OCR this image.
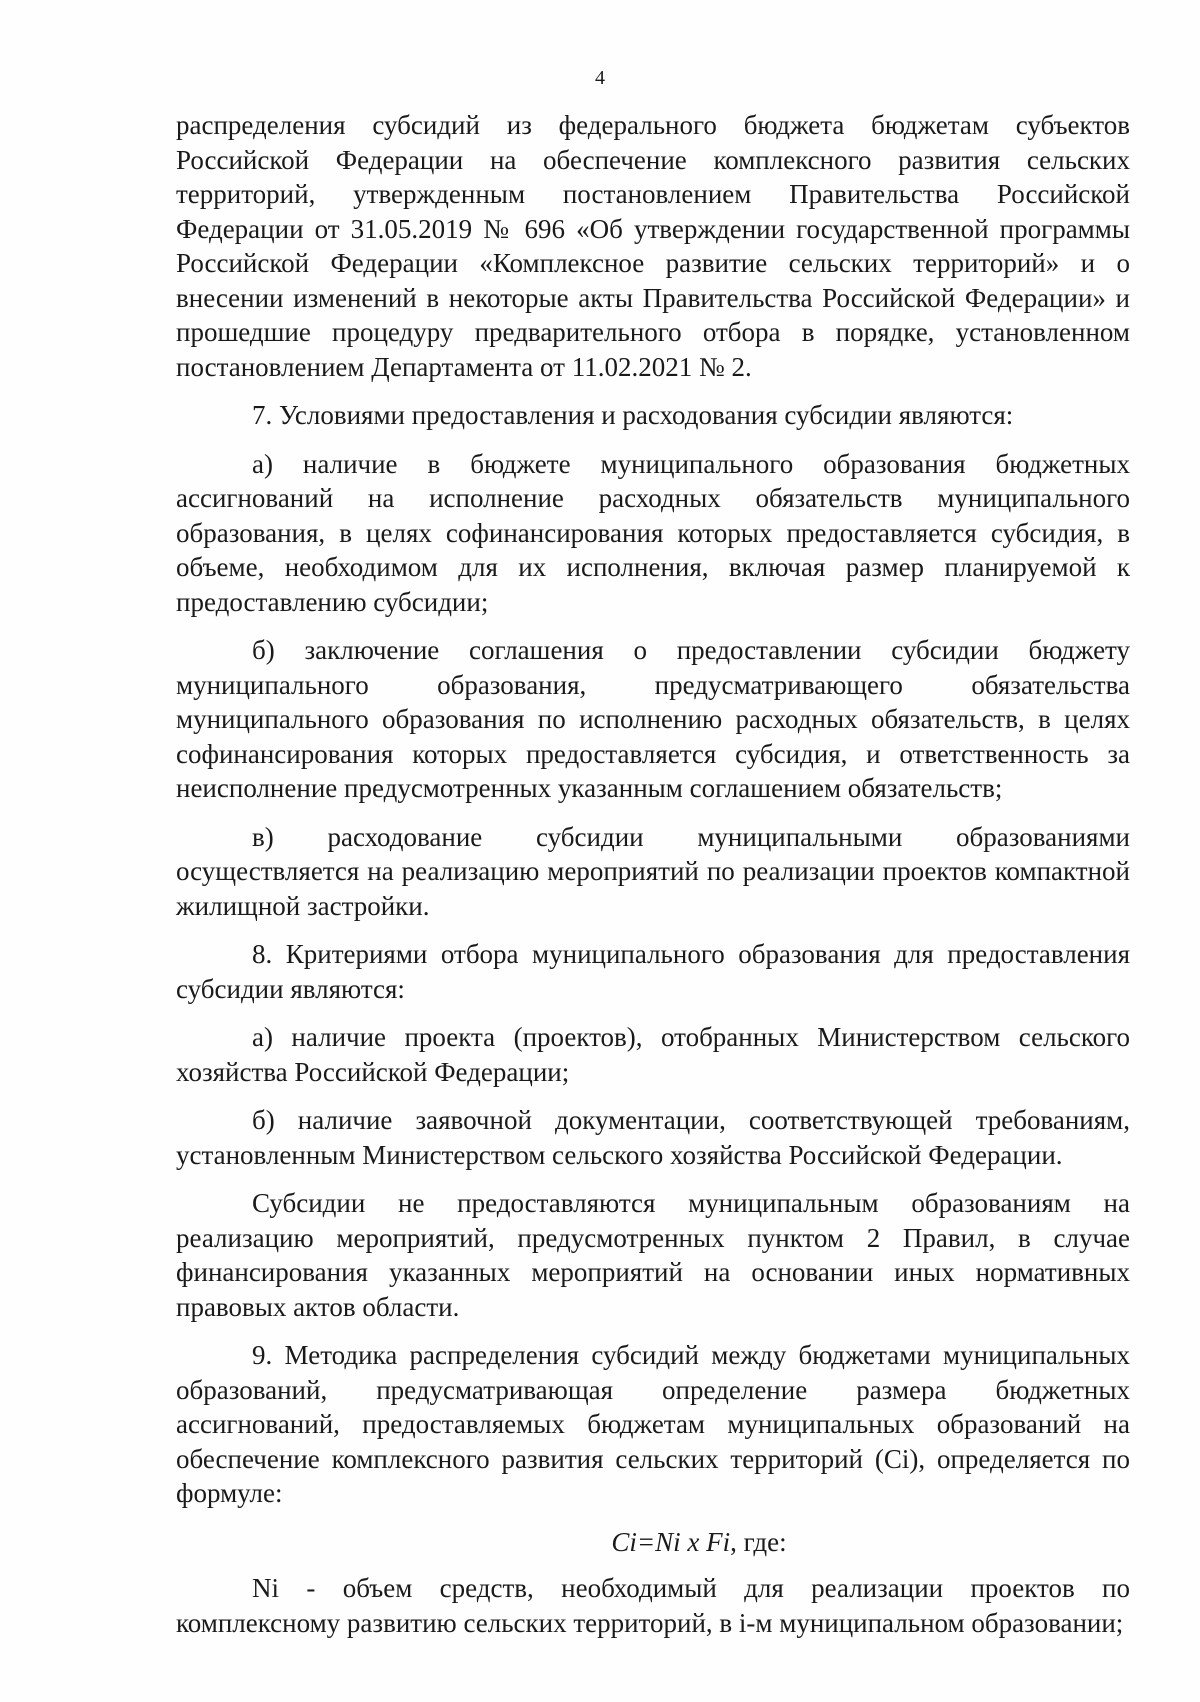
4

распределения субсидий из федерального бюджета бюджетам субъектов Российской Федерации на обеспечение комплексного развития сельских территорий, утвержденным постановлением Правительства Российской Федерации от 31.05.2019 № 696 «Об утверждении государственной программы Российской Федерации «Комплексное развитие сельских территорий» и о внесении изменений в некоторые акты Правительства Российской Федерации» и прошедшие процедуру предварительного отбора в порядке, установленном постановлением Департамента от 11.02.2021 № 2.

7. Условиями предоставления и расходования субсидии являются:

а) наличие в бюджете муниципального образования бюджетных ассигнований на исполнение расходных обязательств муниципального образования, в целях софинансирования которых предоставляется субсидия, в объеме, необходимом для их исполнения, включая размер планируемой к предоставлению субсидии;

б) заключение соглашения о предоставлении субсидии бюджету муниципального образования, предусматривающего обязательства муниципального образования по исполнению расходных обязательств, в целях софинансирования которых предоставляется субсидия, и ответственность за неисполнение предусмотренных указанным соглашением обязательств;

в) расходование субсидии муниципальными образованиями осуществляется на реализацию мероприятий по реализации проектов компактной жилищной застройки.

8. Критериями отбора муниципального образования для предоставления субсидии являются:

а) наличие проекта (проектов), отобранных Министерством сельского хозяйства Российской Федерации;

б) наличие заявочной документации, соответствующей требованиям, установленным Министерством сельского хозяйства Российской Федерации.

Субсидии не предоставляются муниципальным образованиям на реализацию мероприятий, предусмотренных пунктом 2 Правил, в случае финансирования указанных мероприятий на основании иных нормативных правовых актов области.

9. Методика распределения субсидий между бюджетами муниципальных образований, предусматривающая определение размера бюджетных ассигнований, предоставляемых бюджетам муниципальных образований на обеспечение комплексного развития сельских территорий (Ci), определяется по формуле:

Ci=Ni x Fi, где:

Ni - объем средств, необходимый для реализации проектов по комплексному развитию сельских территорий, в i-м муниципальном образовании;
